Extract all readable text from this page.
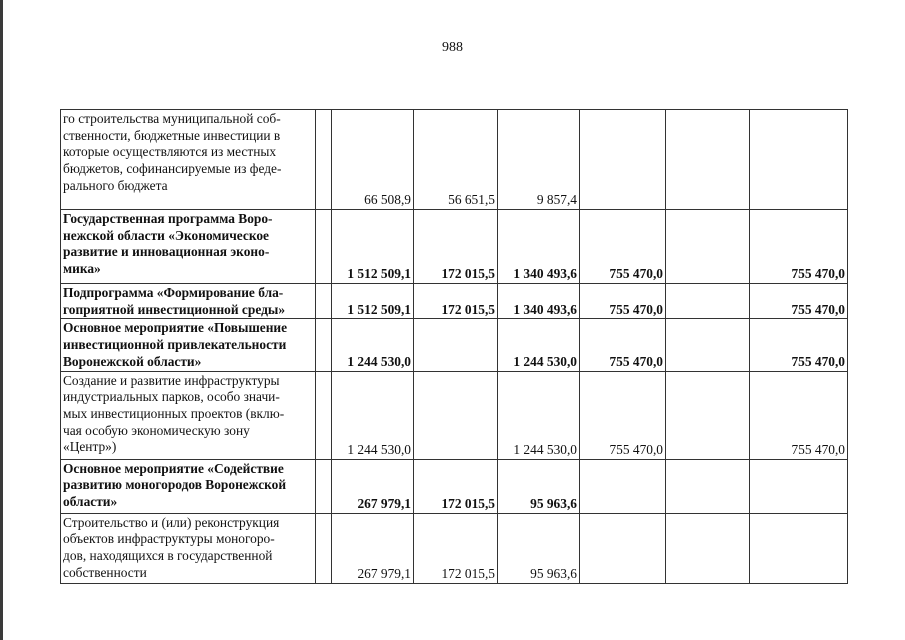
988
го строительства муниципальной соб-
ственности, бюджетные инвестиции в
которые осуществляются из местных
бюджетов, софинансируемые из феде-
рального бюджета		66 508,9	56 651,5	9 857,4			

Государственная программа Воро-
нежской области «Экономическое
развитие и инновационная эконо-
мика»		1 512 509,1	172 015,5	1 340 493,6	755 470,0		755 470,0

Подпрограмма «Формирование бла-
гоприятной инвестиционной среды»		1 512 509,1	172 015,5	1 340 493,6	755 470,0		755 470,0

Основное мероприятие «Повышение
инвестиционной привлекательности
Воронежской области»		1 244 530,0		1 244 530,0	755 470,0		755 470,0

Создание и развитие инфраструктуры
индустриальных парков, особо значи-
мых инвестиционных проектов (вклю-
чая особую экономическую зону
«Центр»)		1 244 530,0		1 244 530,0	755 470,0		755 470,0

Основное мероприятие «Содействие
развитию моногородов Воронежской
области»		267 979,1	172 015,5	95 963,6			

Строительство и (или) реконструкция
объектов инфраструктуры моногоро-
дов, находящихся в государственной
собственности		267 979,1	172 015,5	95 963,6			
